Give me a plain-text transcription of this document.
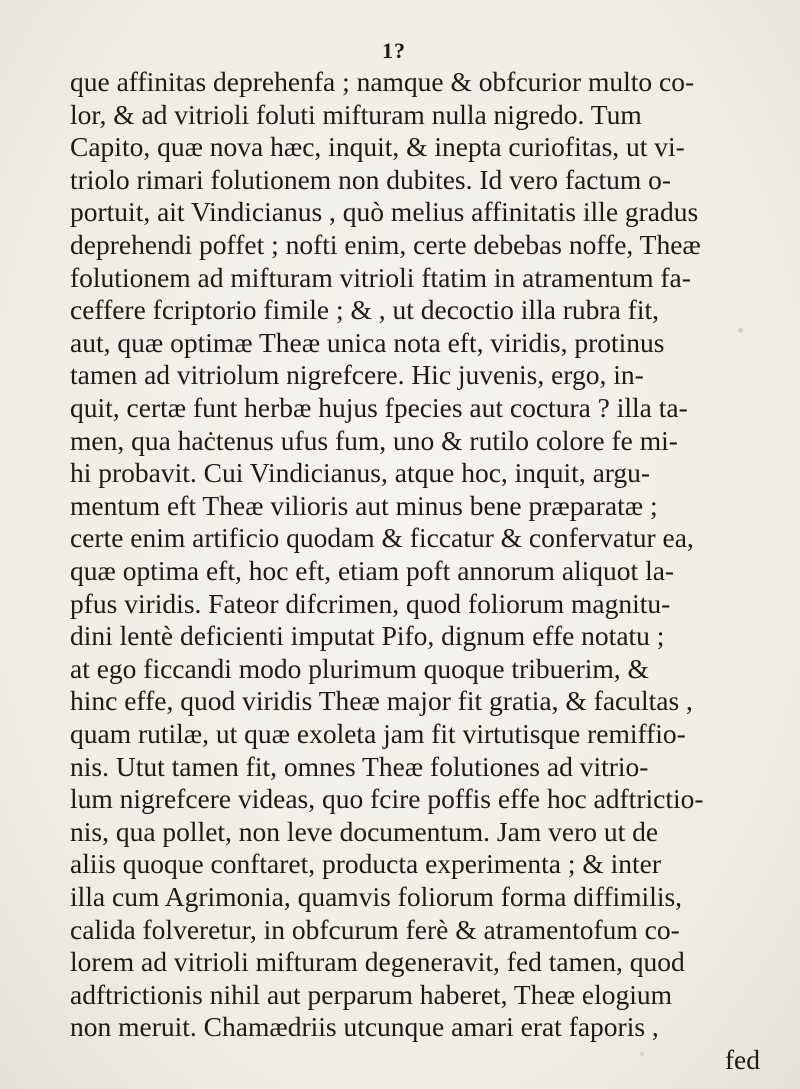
1?
que affinitas deprehenfa ; namque & obfcurior multo co-
lor, & ad vitrioli foluti mifturam nulla nigredo. Tum
Capito, quæ nova hæc, inquit, & inepta curiofitas, ut vi-
triolo rimari folutionem non dubites. Id vero factum o-
portuit, ait Vindicianus , quò melius affinitatis ille gradus
deprehendi poffet ; nofti enim, certe debebas noffe, Theæ
folutionem ad mifturam vitrioli ftatim in atramentum fa-
ceffere fcriptorio fimile ; & , ut decoctio illa rubra fit,
aut, quæ optimæ Theæ unica nota eft, viridis, protinus
tamen ad vitriolum nigrefcere. Hic juvenis, ergo, in-
quit, certæ funt herbæ hujus fpecies aut coctura ? illa ta-
men, qua haċtenus ufus fum, uno & rutilo colore fe mi-
hi probavit. Cui Vindicianus, atque hoc, inquit, argu-
mentum eft Theæ vilioris aut minus bene præparatæ ;
certe enim artificio quodam & ficcatur & confervatur ea,
quæ optima eft, hoc eft, etiam poft annorum aliquot la-
pfus viridis. Fateor difcrimen, quod foliorum magnitu-
dini lentè deficienti imputat Pifo, dignum effe notatu ;
at ego ficcandi modo plurimum quoque tribuerim, &
hinc effe, quod viridis Theæ major fit gratia, & facultas ,
quam rutilæ, ut quæ exoleta jam fit virtutisque remiffio-
nis. Utut tamen fit, omnes Theæ folutiones ad vitrio-
lum nigrefcere videas, quo fcire poffis effe hoc adftrictio-
nis, qua pollet, non leve documentum. Jam vero ut de
aliis quoque conftaret, producta experimenta ; & inter
illa cum Agrimonia, quamvis foliorum forma diffimilis,
calida folveretur, in obfcurum ferè & atramentofum co-
lorem ad vitrioli mifturam degeneravit, fed tamen, quod
adftrictionis nihil aut perparum haberet, Theæ elogium
non meruit. Chamædriis utcunque amari erat faporis ,
fed
